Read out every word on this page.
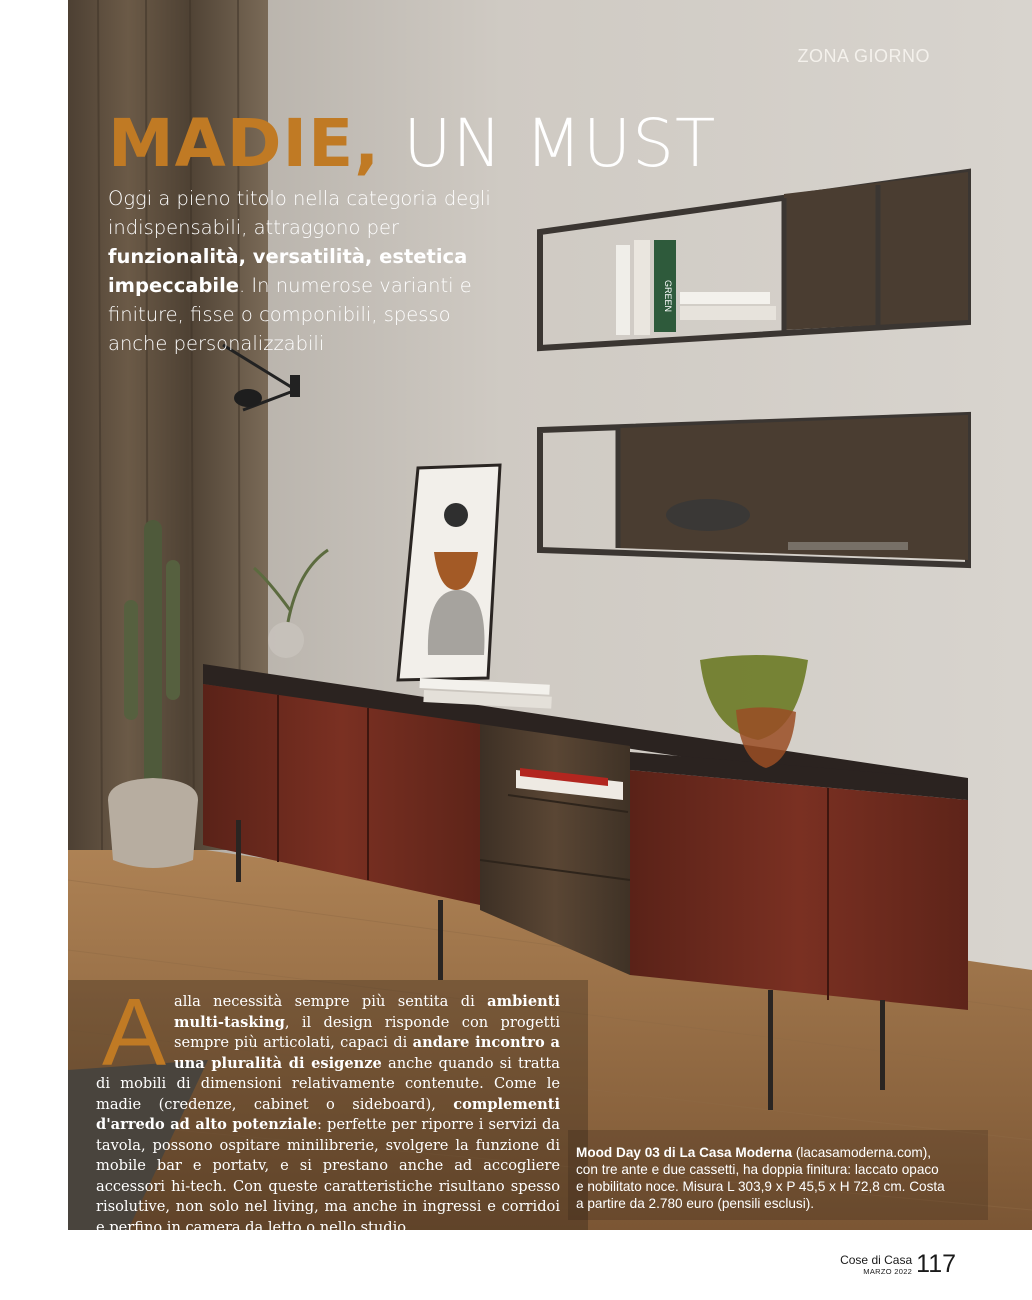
GREEN
ZONA GIORNO
MADIE, UN MUST

Oggi a pieno titolo nella categoria degli indispensabili, attraggono per funzionalità, versatilità, estetica impeccabile. In numerose varianti e finiture, fisse o componibili, spesso anche personalizzabili

Aalla necessità sempre più sentita di ambienti multi-tasking, il design risponde con progetti sempre più articolati, capaci di andare incontro a una pluralità di esigenze anche quando si tratta di mobili di dimensioni relativamente contenute. Come le madie (credenze, cabinet o sideboard), complementi d'arredo ad alto potenziale: perfette per riporre i servizi da tavola, possono ospitare minilibrerie, svolgere la funzione di mobile bar e portatv, e si prestano anche ad accogliere accessori hi-tech. Con queste caratteristiche risultano spesso risolutive, non solo nel living, ma anche in ingressi e corridoi e perfino in camera da letto o nello studio.

Mood Day 03 di La Casa Moderna (lacasamoderna.com), con tre ante e due cassetti, ha doppia finitura: laccato opaco e nobilitato noce. Misura L 303,9 x P 45,5 x H 72,8 cm. Costa a partire da 2.780 euro (pensili esclusi).

Cose di Casa
MARZO 2022 117
